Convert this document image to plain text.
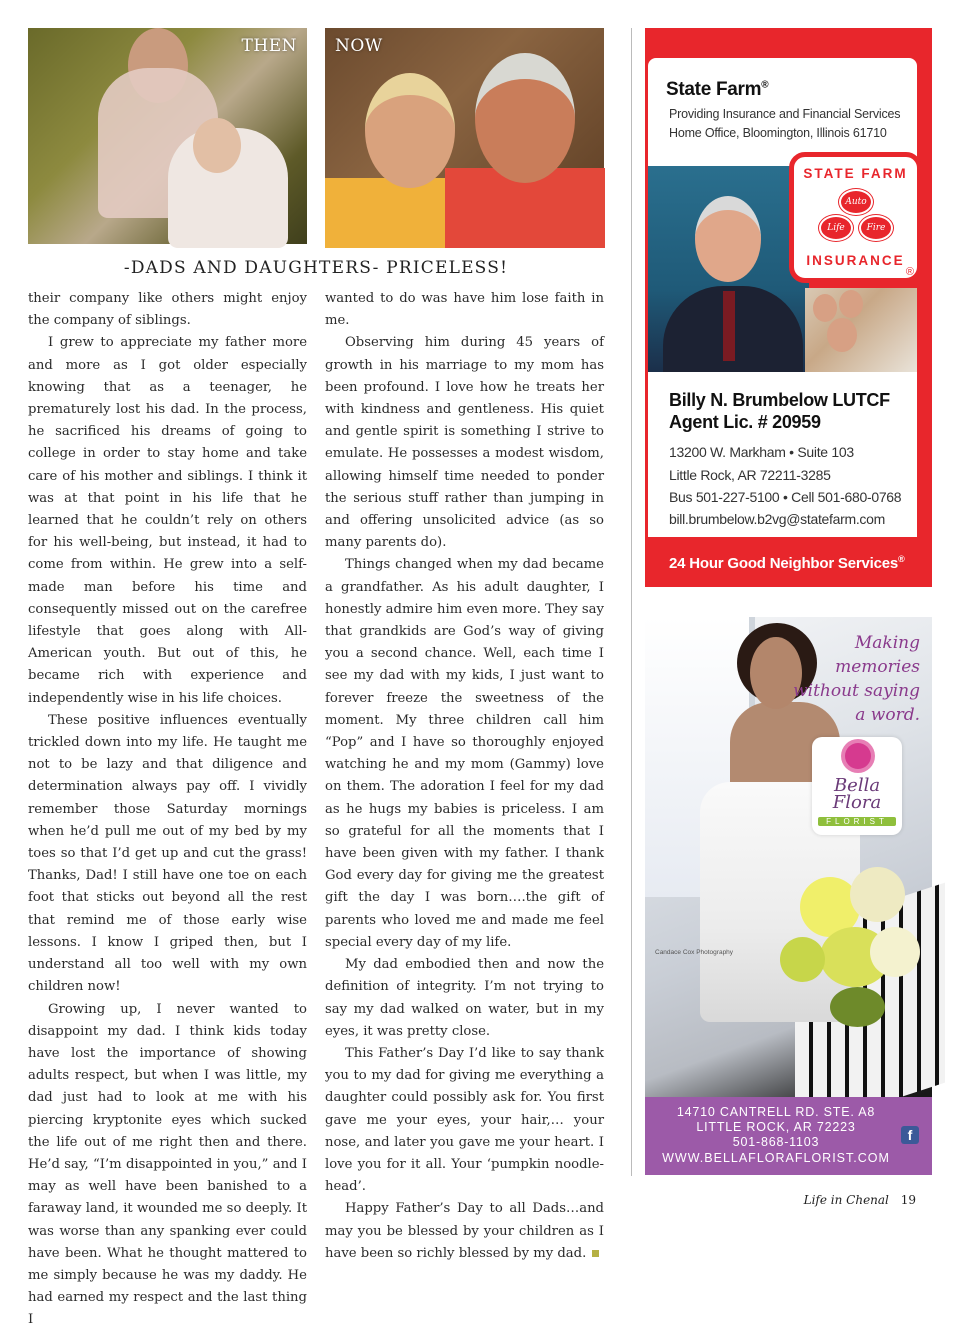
THEN NOW
-DADS AND DAUGHTERS- PRICELESS!

their company like others might enjoy the company of siblings.

I grew to appreciate my father more and more as I got older especially knowing that as a teenager, he prematurely lost his dad. In the process, he sacrificed his dreams of going to college in order to stay home and take care of his mother and siblings. I think it was at that point in his life that he learned that he couldn’t rely on others for his well-being, but instead, it had to come from within. He grew into a self-made man before his time and consequently missed out on the carefree lifestyle that goes along with All-American youth. But out of this, he became rich with experience and independently wise in his life choices.

These positive influences eventually trickled down into my life. He taught me not to be lazy and that diligence and determination always pay off. I vividly remember those Saturday mornings when he’d pull me out of my bed by my toes so that I’d get up and cut the grass! Thanks, Dad! I still have one toe on each foot that sticks out beyond all the rest that remind me of those early wise lessons. I know I griped then, but I understand all too well with my own children now!

Growing up, I never wanted to disappoint my dad. I think kids today have lost the importance of showing adults respect, but when I was little, my dad just had to look at me with his piercing kryptonite eyes which sucked the life out of me right then and there. He’d say, “I’m disappointed in you,” and I may as well have been banished to a faraway land, it wounded me so deeply. It was worse than any spanking ever could have been. What he thought mattered to me simply because he was my daddy. He had earned my respect and the last thing I

wanted to do was have him lose faith in me.

Observing him during 45 years of growth in his marriage to my mom has been profound. I love how he treats her with kindness and gentleness. His quiet and gentle spirit is something I strive to emulate. He possesses a modest wisdom, allowing himself time needed to ponder the serious stuff rather than jumping in and offering unsolicited advice (as so many parents do).

Things changed when my dad became a grandfather. As his adult daughter, I honestly admire him even more. They say that grandkids are God’s way of giving you a second chance. Well, each time I see my dad with my kids, I just want to forever freeze the sweetness of the moment. My three children call him “Pop” and I have so thoroughly enjoyed watching he and my mom (Gammy) love on them. The adoration I feel for my dad as he hugs my babies is priceless. I am so grateful for all the moments that I have been given with my father. I thank God every day for giving me the greatest gift the day I was born….the gift of parents who loved me and made me feel special every day of my life.

My dad embodied then and now the definition of integrity. I’m not trying to say my dad walked on water, but in my eyes, it was pretty close.

This Father’s Day I’d like to say thank you to my dad for giving me everything a daughter could possibly ask for. You first gave me your eyes, your hair,… your nose, and later you gave me your heart. I love you for it all. Your ‘pumpkin noodle-head’.

Happy Father’s Day to all Dads…and may you be blessed by your children as I have been so richly blessed by my dad.

State Farm®
Providing Insurance and Financial Services
Home Office, Bloomington, Illinois 61710
STATE FARM
Auto
Life	Fire
INSURANCE
®
Billy N. Brumbelow LUTCF
Agent Lic. # 20959
13200 W. Markham • Suite 103
Little Rock, AR 72211-3285
Bus 501-227-5100 • Cell 501-680-0768
bill.brumbelow.b2vg@statefarm.com
24 Hour Good Neighbor Services®
Making
memories
without saying
a word.
Bella
Flora
FLORIST
Candace Cox Photography
14710 CANTRELL RD. STE. A8
LITTLE ROCK, AR 72223
501-868-1103
WWW.BELLAFLORAFLORIST.COM
f
Life in Chenal 19
